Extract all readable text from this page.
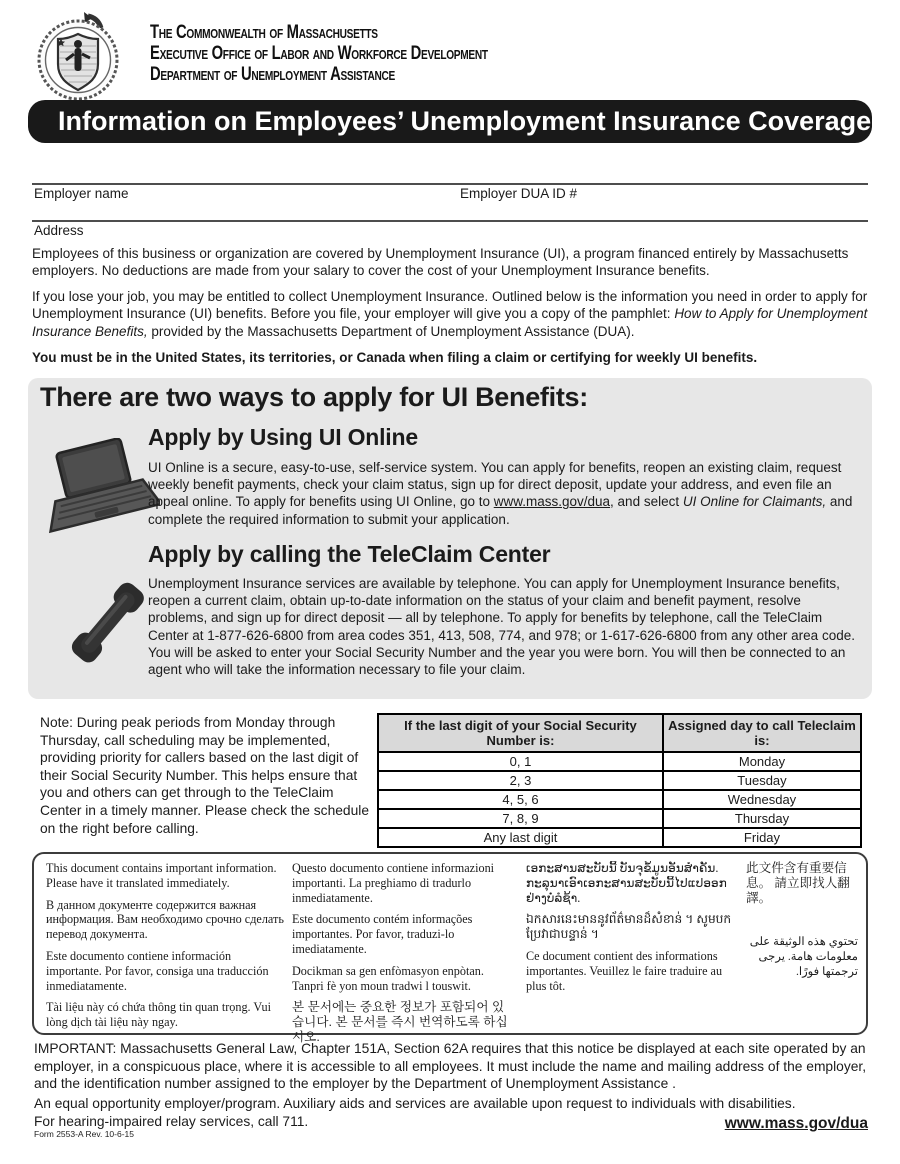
The Commonwealth of Massachusetts
Executive Office of Labor and Workforce Development
Department of Unemployment Assistance
Information on Employees’ Unemployment Insurance Coverage
Employer name	Employer DUA ID #
Address
Employees of this business or organization are covered by Unemployment Insurance (UI), a program financed entirely by Massachusetts employers. No deductions are made from your salary to cover the cost of your Unemployment Insurance benefits.
If you lose your job, you may be entitled to collect Unemployment Insurance. Outlined below is the information you need in order to apply for Unemployment Insurance (UI) benefits. Before you file, your employer will give you a copy of the pamphlet: How to Apply for Unemployment Insurance Benefits, provided by the Massachusetts Department of Unemployment Assistance (DUA).
You must be in the United States, its territories, or Canada when filing a claim or certifying for weekly UI benefits.
There are two ways to apply for UI Benefits:
Apply by Using UI Online
UI Online is a secure, easy-to-use, self-service system. You can apply for benefits, reopen an existing claim, request weekly benefit payments, check your claim status, sign up for direct deposit, update your address, and even file an appeal online. To apply for benefits using UI Online, go to www.mass.gov/dua, and select UI Online for Claimants, and complete the required information to submit your application.
Apply by calling the TeleClaim Center
Unemployment Insurance services are available by telephone. You can apply for Unemployment Insurance benefits, reopen a current claim, obtain up-to-date information on the status of your claim and benefit payment, resolve problems, and sign up for direct deposit — all by telephone. To apply for benefits by telephone, call the TeleClaim Center at 1-877-626-6800 from area codes 351, 413, 508, 774, and 978; or 1-617-626-6800 from any other area code. You will be asked to enter your Social Security Number and the year you were born. You will then be connected to an agent who will take the information necessary to file your claim.
Note: During peak periods from Monday through Thursday, call scheduling may be implemented, providing priority for callers based on the last digit of their Social Security Number. This helps ensure that you and others can get through to the TeleClaim Center in a timely manner. Please check the schedule on the right before calling.
If the last digit of your Social Security Number is:	Assigned day to call Teleclaim is:
0, 1	Monday
2, 3	Tuesday
4, 5, 6	Wednesday
7, 8, 9	Thursday
Any last digit	Friday

This document contains important information. Please have it translated immediately.

В данном документе содержится важная информация. Вам необходимо срочно сделать перевод документа.

Este documento contiene información importante. Por favor, consiga una traducción inmediatamente.

Tài liệu này có chứa thông tin quan trọng. Vui lòng dịch tài liệu này ngay.

Questo documento contiene informazioni importanti. La preghiamo di tradurlo inmediatamente.

Este documento contém informações importantes. Por favor, traduzi-lo imediatamente.

Docikman sa gen enfòmasyon enpòtan. Tanpri fè yon moun tradwi l touswit.

본 문서에는 중요한 정보가 포함되어 있습니다. 본 문서를 즉시 번역하도록 하십시오.

ເອກະສານສະບັບນີ້ ບັນຈຸຂໍ້ມູນອັນສຳຄັນ. ກະລຸນາເອົາເອກະສານສະບັບນີ້ໄປແປອອກຢ່າງບໍ່ລໍຊ້າ.

ឯកសារនេះមាននូវព័ត៌មានដ៏សំខាន់ ។ សូមបកប្រែវាជាបន្ទាន់ ។

Ce document contient des informations importantes. Veuillez le faire traduire au plus tôt.

此文件含有重要信息。 請立即找人翻譯。

تحتوي هذه الوثيقة على معلومات هامة. يرجى ترجمتها فورًا.

IMPORTANT: Massachusetts General Law, Chapter 151A, Section 62A requires that this notice be displayed at each site operated by an employer, in a conspicuous place, where it is accessible to all employees. It must include the name and mailing address of the employer, and the identification number assigned to the employer by the Department of Unemployment Assistance .
An equal opportunity employer/program. Auxiliary aids and services are available upon request to individuals with disabilities.
For hearing-impaired relay services, call 711.
Form 2553-A Rev. 10-6-15
www.mass.gov/dua
